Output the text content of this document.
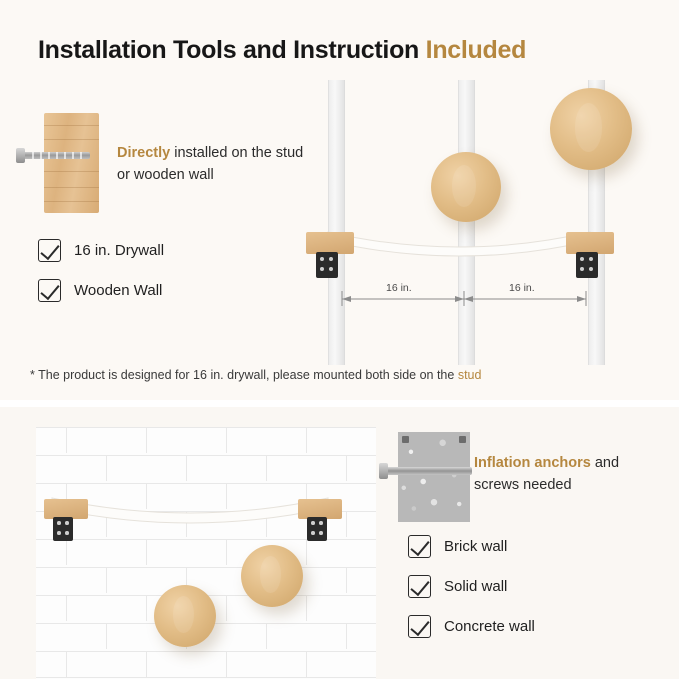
Installation Tools and Instruction Included
Directly installed on the stud or wooden wall
16 in. Drywall
Wooden Wall
* The product is designed for 16 in. drywall, please mounted both side on the stud
16 in.	16 in.
Inflation anchors and screws needed
Brick wall
Solid wall
Concrete wall
